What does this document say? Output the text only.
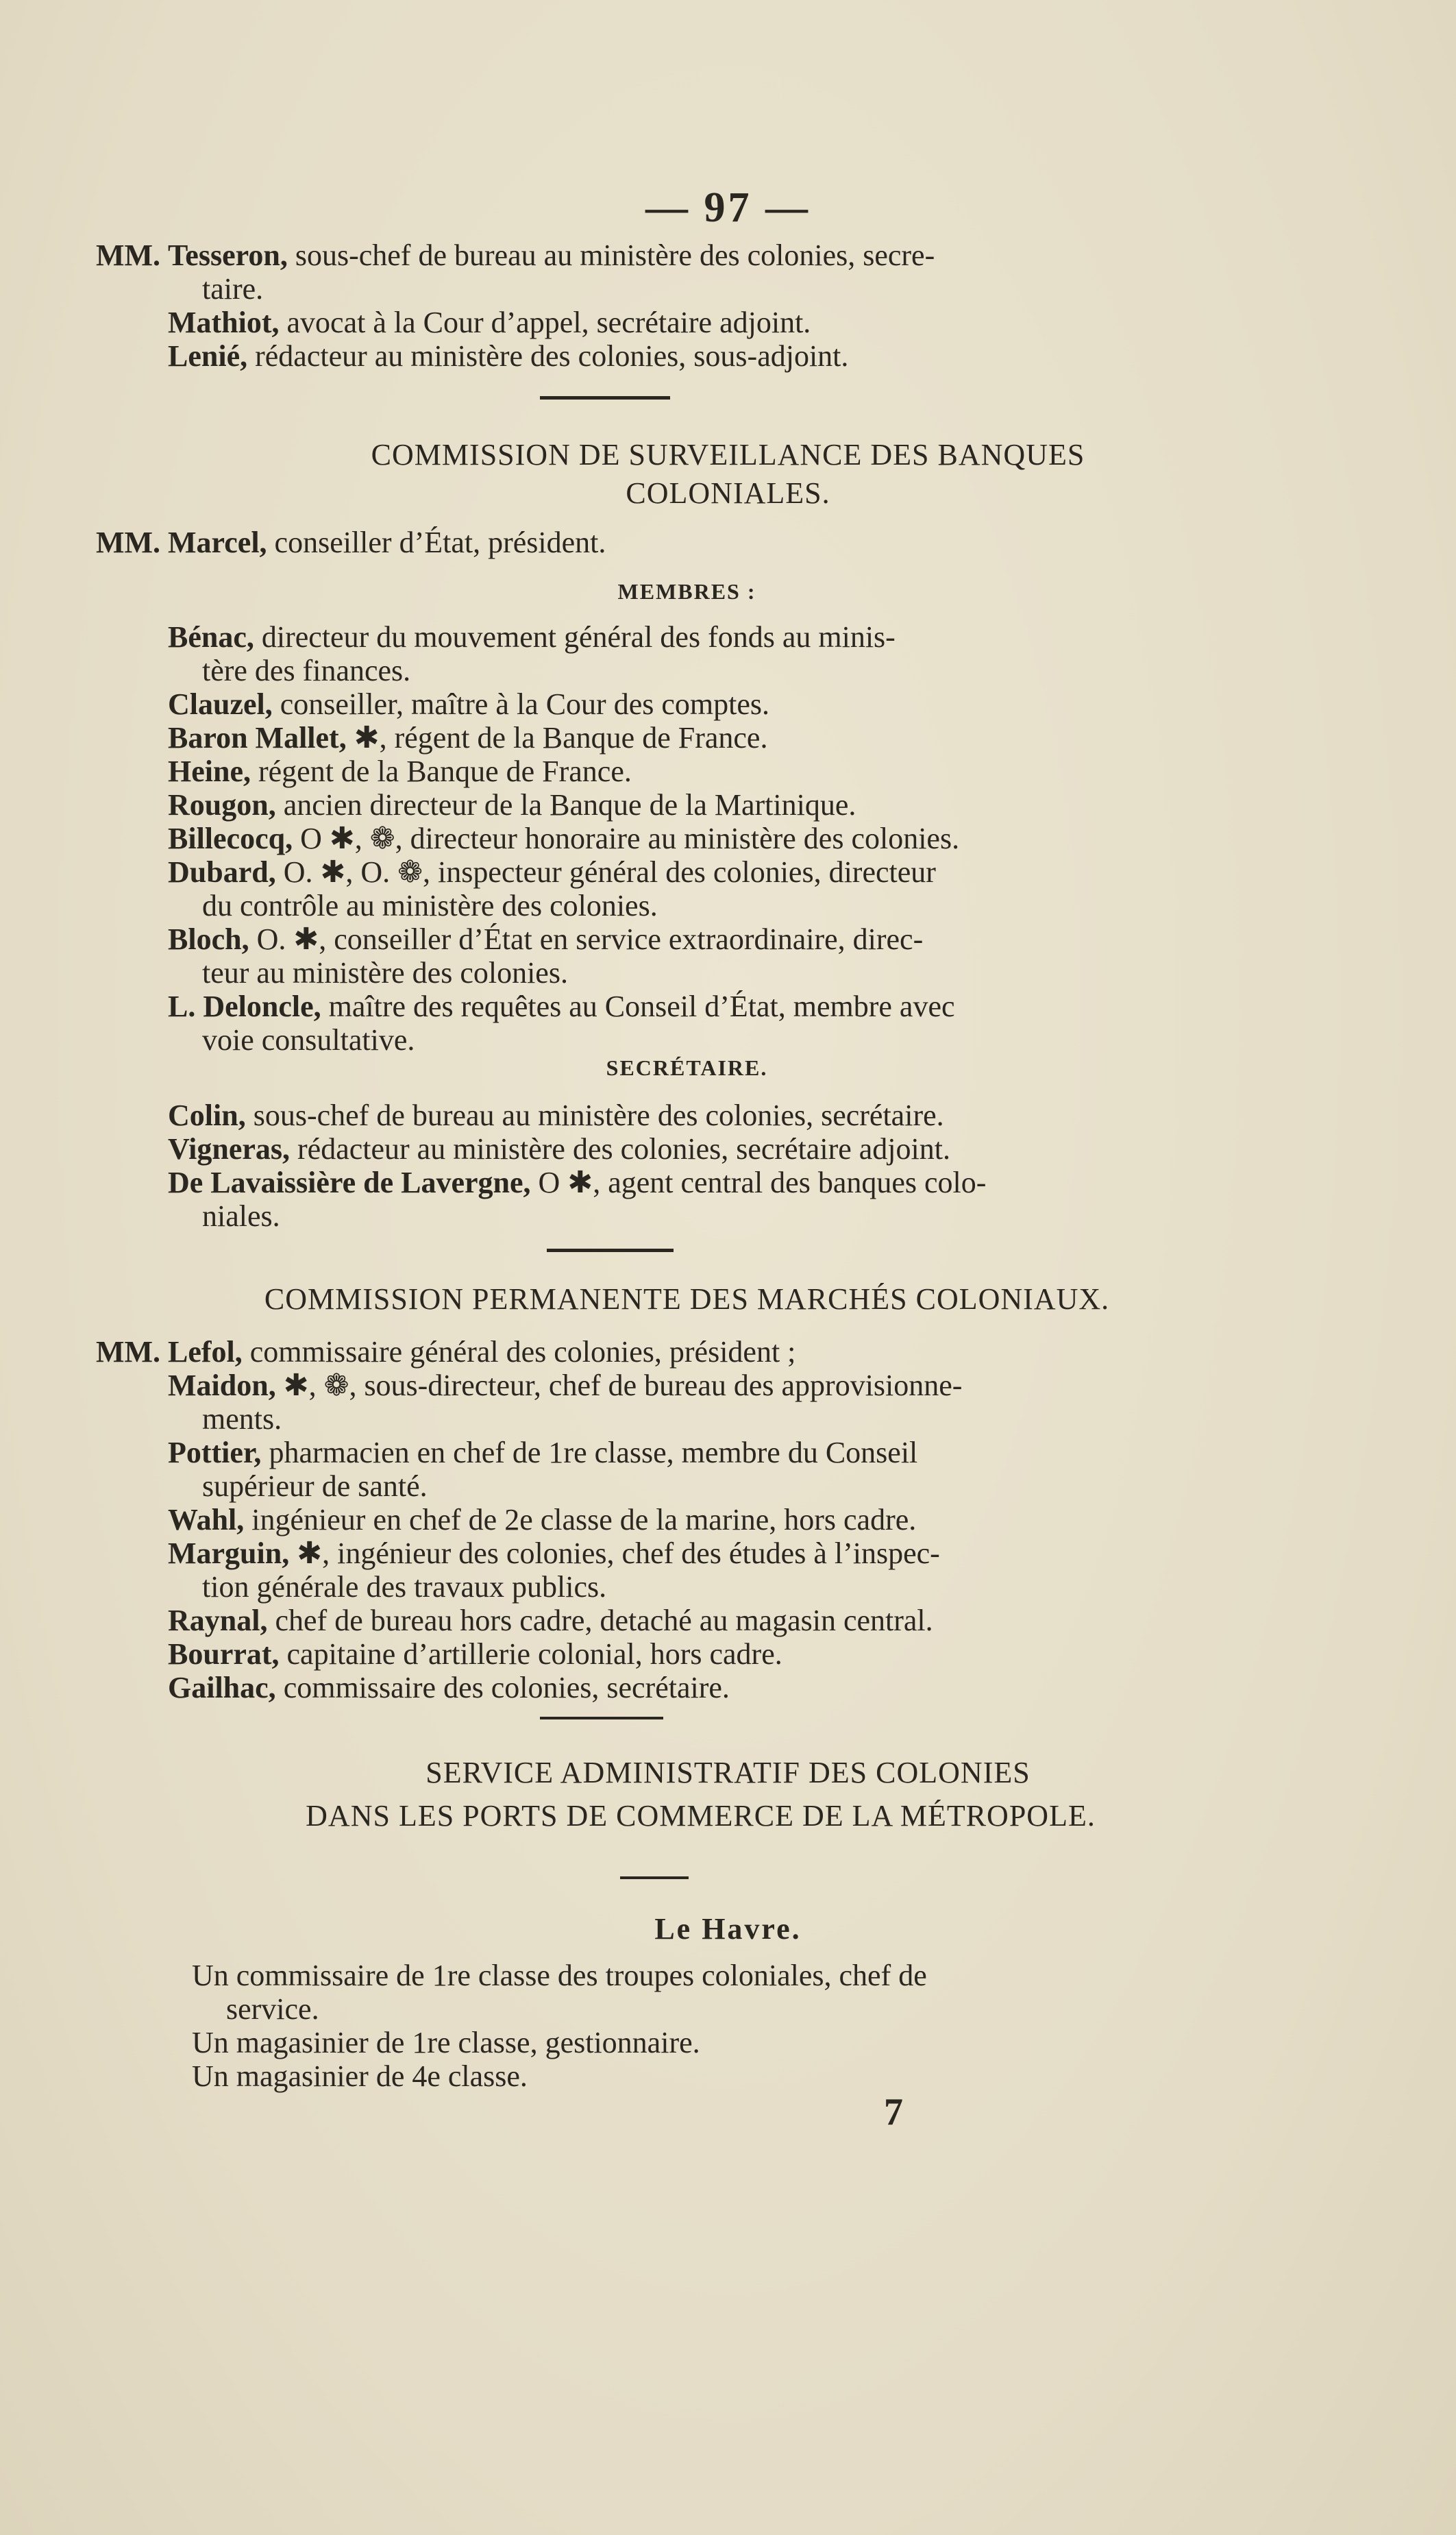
— 97 —
MM. Tesseron, sous-chef de bureau au ministère des colonies, secre-
taire.
Mathiot, avocat à la Cour d’appel, secrétaire adjoint.
Lenié, rédacteur au ministère des colonies, sous-adjoint.
COMMISSION DE SURVEILLANCE DES BANQUES
COLONIALES.
MM. Marcel, conseiller d’État, président.
MEMBRES :
Bénac, directeur du mouvement général des fonds au minis-
tère des finances.
Clauzel, conseiller, maître à la Cour des comptes.
Baron Mallet, ✱, régent de la Banque de France.
Heine, régent de la Banque de France.
Rougon, ancien directeur de la Banque de la Martinique.
Billecocq, O ✱, ❁, directeur honoraire au ministère des colonies.
Dubard, O. ✱, O. ❁, inspecteur général des colonies, directeur
du contrôle au ministère des colonies.
Bloch, O. ✱, conseiller d’État en service extraordinaire, direc-
teur au ministère des colonies.
L. Deloncle, maître des requêtes au Conseil d’État, membre avec
voie consultative.
SECRÉTAIRE.
Colin, sous-chef de bureau au ministère des colonies, secrétaire.
Vigneras, rédacteur au ministère des colonies, secrétaire adjoint.
De Lavaissière de Lavergne, O ✱, agent central des banques colo-
niales.
COMMISSION PERMANENTE DES MARCHÉS COLONIAUX.
MM. Lefol, commissaire général des colonies, président ;
Maidon, ✱, ❁, sous-directeur, chef de bureau des approvisionne-
ments.
Pottier, pharmacien en chef de 1re classe, membre du Conseil
supérieur de santé.
Wahl, ingénieur en chef de 2e classe de la marine, hors cadre.
Marguin, ✱, ingénieur des colonies, chef des études à l’inspec-
tion générale des travaux publics.
Raynal, chef de bureau hors cadre, detaché au magasin central.
Bourrat, capitaine d’artillerie colonial, hors cadre.
Gailhac, commissaire des colonies, secrétaire.
SERVICE ADMINISTRATIF DES COLONIES
DANS LES PORTS DE COMMERCE DE LA MÉTROPOLE.
Le Havre.
Un commissaire de 1re classe des troupes coloniales, chef de
service.
Un magasinier de 1re classe, gestionnaire.
Un magasinier de 4e classe.
7
